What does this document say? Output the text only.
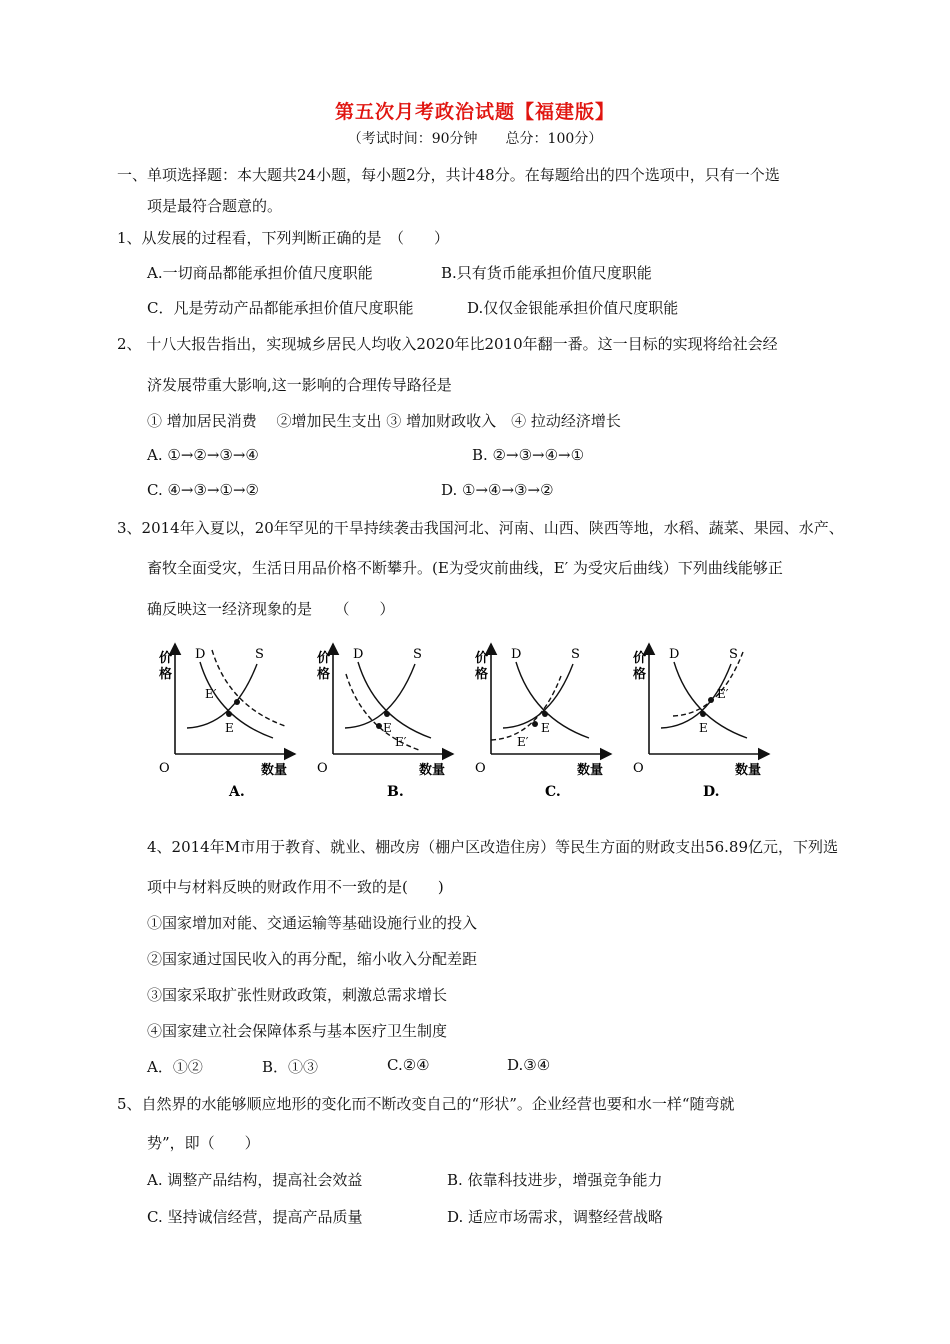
第五次月考政治试题【福建版】
（考试时间：90分钟　　总分：100分）
一、单项选择题：本大题共24小题，每小题2分，共计48分。在每题给出的四个选项中，只有一个选
项是最符合题意的。
1、从发展的过程看，下列判断正确的是　（　　）
A.一切商品都能承担价值尺度职能	B.只有货币能承担价值尺度职能
C．凡是劳动产品都能承担价值尺度职能	D.仅仅金银能承担价值尺度职能
2、 十八大报告指出，实现城乡居民人均收入2020年比2010年翻一番。这一目标的实现将给社会经
济发展带重大影响,这一影响的合理传导路径是
① 增加居民消费　 ②增加民生支出 ③ 增加财政收入　④ 拉动经济增长
A. ①→②→③→④	B. ②→③→④→①
C. ④→③→①→②	D. ①→④→③→②
3、2014年入夏以，20年罕见的干旱持续袭击我国河北、河南、山西、陕西等地，水稻、蔬菜、果园、水产、
畜牧全面受灾，生活日用品价格不断攀升。(E为受灾前曲线，E′ 为受灾后曲线）下列曲线能够正
确反映这一经济现象的是　　（　　）
价
格
O	数量
D	S
E
E′
A.
价
格
O	数量
D	S
E
E′
B.
价
格
O	数量
D	S
E
E′
C.
价
格
O	数量
D	S
E
E′
D.
4、2014年M市用于教育、就业、棚改房（棚户区改造住房）等民生方面的财政支出56.89亿元，下列选
项中与材料反映的财政作用不一致的是(　　)
①国家增加对能、交通运输等基础设施行业的投入
②国家通过国民收入的再分配，缩小收入分配差距
③国家采取扩张性财政政策，刺激总需求增长
④国家建立社会保障体系与基本医疗卫生制度
A．①②	B．①③	C.②④	D.③④
5、自然界的水能够顺应地形的变化而不断改变自己的“形状”。企业经营也要和水一样“随弯就
势”，即（　　）
A. 调整产品结构，提高社会效益	B. 依靠科技进步，增强竞争能力
C. 坚持诚信经营，提高产品质量	D. 适应市场需求，调整经营战略
